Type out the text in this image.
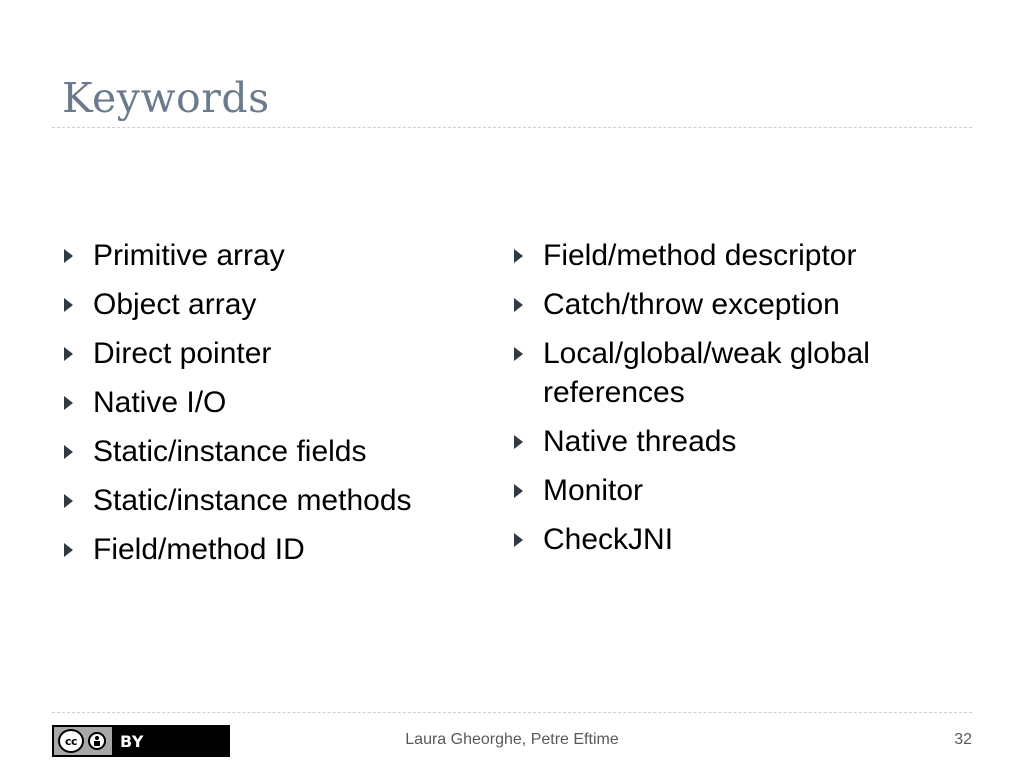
Keywords
Primitive array
Object array
Direct pointer
Native I/O
Static/instance fields
Static/instance methods
Field/method ID
Field/method descriptor
Catch/throw exception
Local/global/weak global references
Native threads
Monitor
CheckJNI
cc	BY	Laura Gheorghe, Petre Eftime	32
